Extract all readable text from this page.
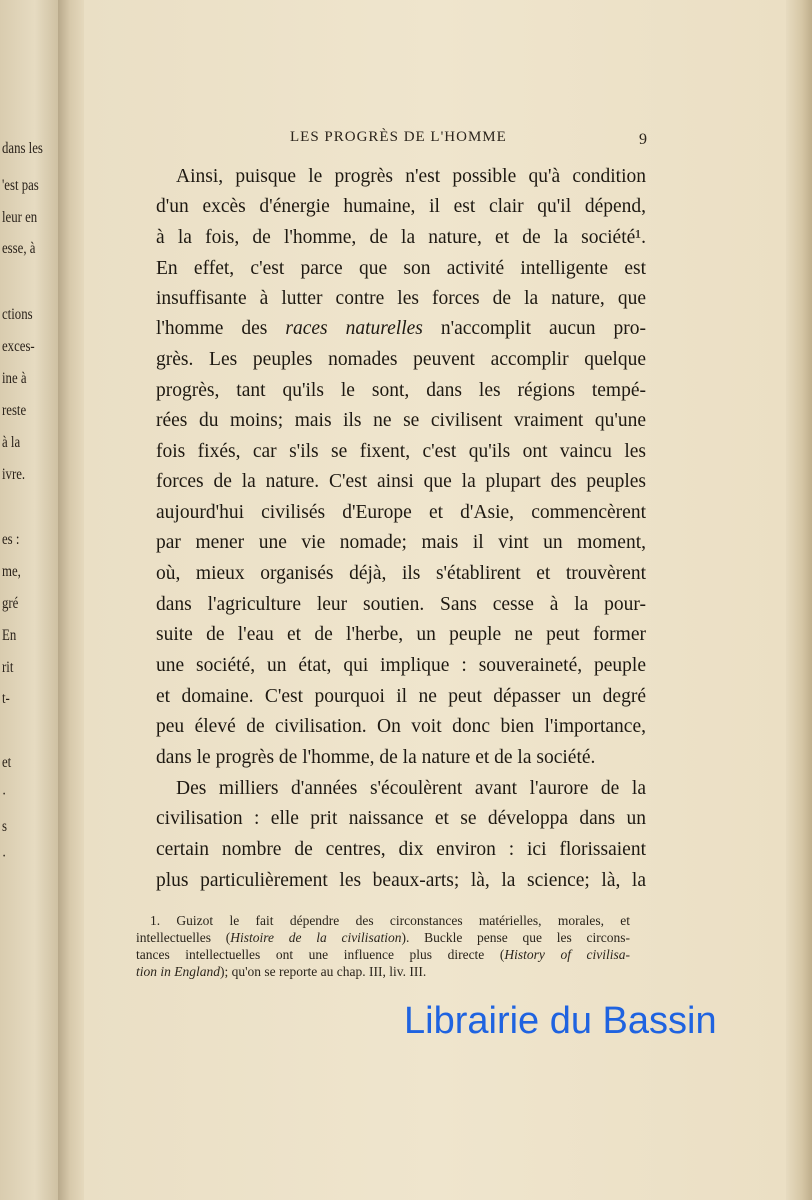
dans les
'est pas
leur en
esse, à
ctions
exces-
ine à
reste
à la
ivre.
es :
me,
gré
En
rit
t-
et
·
s
·
LES PROGRÈS DE L'HOMME	9
Ainsi, puisque le progrès n'est possible qu'à condition
d'un excès d'énergie humaine, il est clair qu'il dépend,
à la fois, de l'homme, de la nature, et de la société¹.
En effet, c'est parce que son activité intelligente est
insuffisante à lutter contre les forces de la nature, que
l'homme des races naturelles n'accomplit aucun pro-
grès. Les peuples nomades peuvent accomplir quelque
progrès, tant qu'ils le sont, dans les régions tempé-
rées du moins; mais ils ne se civilisent vraiment qu'une
fois fixés, car s'ils se fixent, c'est qu'ils ont vaincu les
forces de la nature. C'est ainsi que la plupart des peuples
aujourd'hui civilisés d'Europe et d'Asie, commencèrent
par mener une vie nomade; mais il vint un moment,
où, mieux organisés déjà, ils s'établirent et trouvèrent
dans l'agriculture leur soutien. Sans cesse à la pour-
suite de l'eau et de l'herbe, un peuple ne peut former
une société, un état, qui implique : souveraineté, peuple
et domaine. C'est pourquoi il ne peut dépasser un degré
peu élevé de civilisation. On voit donc bien l'importance,
dans le progrès de l'homme, de la nature et de la société.
Des milliers d'années s'écoulèrent avant l'aurore de la
civilisation : elle prit naissance et se développa dans un
certain nombre de centres, dix environ : ici florissaient
plus particulièrement les beaux-arts; là, la science; là, la
1. Guizot le fait dépendre des circonstances matérielles, morales, et
intellectuelles (Histoire de la civilisation). Buckle pense que les circons-
tances intellectuelles ont une influence plus directe (History of civilisa-
tion in England); qu'on se reporte au chap. III, liv. III.
Librairie du Bassin
